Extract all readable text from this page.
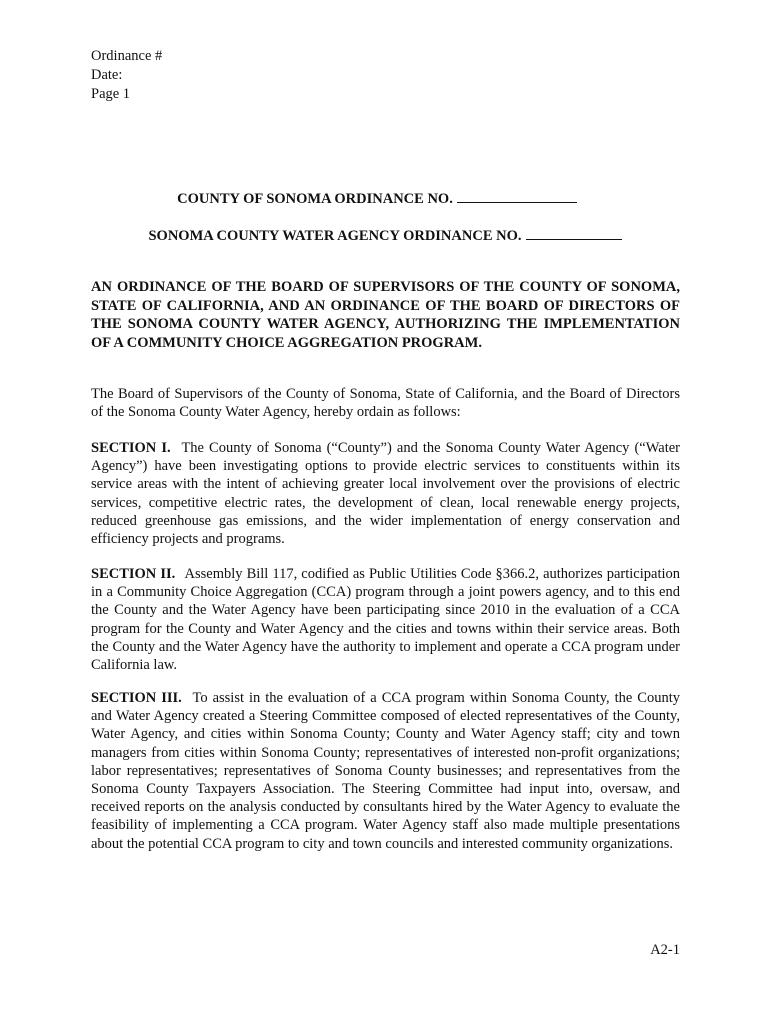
Ordinance #
Date:
Page 1
COUNTY OF SONOMA ORDINANCE NO.
SONOMA COUNTY WATER AGENCY ORDINANCE NO.
AN ORDINANCE OF THE BOARD OF SUPERVISORS OF THE COUNTY OF SONOMA, STATE OF CALIFORNIA, AND AN ORDINANCE OF THE BOARD OF DIRECTORS OF THE SONOMA COUNTY WATER AGENCY, AUTHORIZING THE IMPLEMENTATION OF A COMMUNITY CHOICE AGGREGATION PROGRAM.
The Board of Supervisors of the County of Sonoma, State of California, and the Board of Directors of the Sonoma County Water Agency, hereby ordain as follows:
SECTION I. The County of Sonoma (“County”) and the Sonoma County Water Agency (“Water Agency”) have been investigating options to provide electric services to constituents within its service areas with the intent of achieving greater local involvement over the provisions of electric services, competitive electric rates, the development of clean, local renewable energy projects, reduced greenhouse gas emissions, and the wider implementation of energy conservation and efficiency projects and programs.
SECTION II. Assembly Bill 117, codified as Public Utilities Code §366.2, authorizes participation in a Community Choice Aggregation (CCA) program through a joint powers agency, and to this end the County and the Water Agency have been participating since 2010 in the evaluation of a CCA program for the County and Water Agency and the cities and towns within their service areas. Both the County and the Water Agency have the authority to implement and operate a CCA program under California law.
SECTION III. To assist in the evaluation of a CCA program within Sonoma County, the County and Water Agency created a Steering Committee composed of elected representatives of the County, Water Agency, and cities within Sonoma County; County and Water Agency staff; city and town managers from cities within Sonoma County; representatives of interested non-profit organizations; labor representatives; representatives of Sonoma County businesses; and representatives from the Sonoma County Taxpayers Association. The Steering Committee had input into, oversaw, and received reports on the analysis conducted by consultants hired by the Water Agency to evaluate the feasibility of implementing a CCA program. Water Agency staff also made multiple presentations about the potential CCA program to city and town councils and interested community organizations.
A2-1
